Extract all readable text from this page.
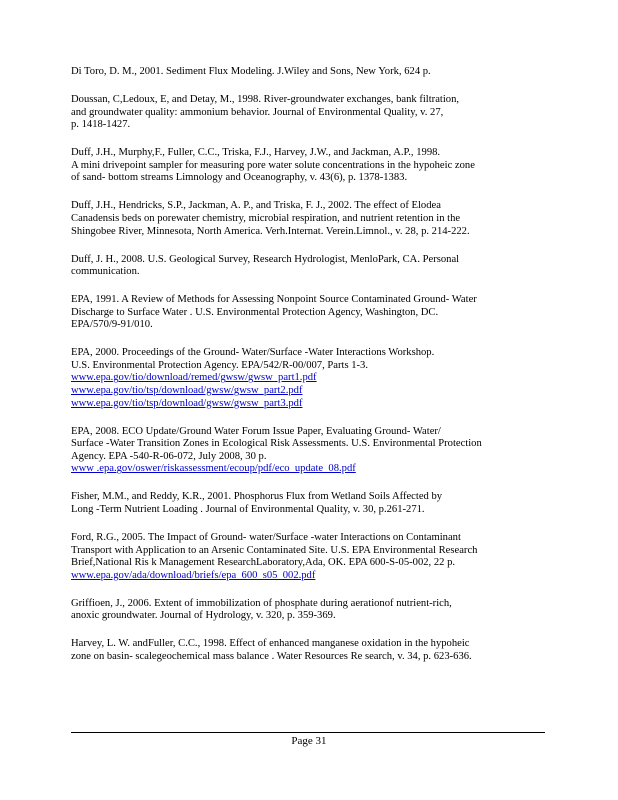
Di Toro, D. M., 2001. Sediment Flux Modeling. J.Wiley and Sons, New York, 624 p.
Doussan, C,Ledoux, E, and Detay, M., 1998. River-groundwater exchanges, bank filtration,
and groundwater quality: ammonium behavior. Journal of Environmental Quality, v. 27,
p. 1418-1427.
Duff, J.H., Murphy,F., Fuller, C.C., Triska, F.J., Harvey, J.W., and Jackman, A.P., 1998.
A mini drivepoint sampler for measuring pore water solute concentrations in the hypoheic zone
of sand- bottom streams Limnology and Oceanography, v. 43(6), p. 1378-1383.
Duff, J.H., Hendricks, S.P., Jackman, A. P., and Triska, F. J., 2002. The effect of Elodea
Canadensis beds on porewater chemistry, microbial respiration, and nutrient retention in the
Shingobee River, Minnesota, North America. Verh.Internat. Verein.Limnol., v. 28, p. 214-222.
Duff, J. H., 2008. U.S. Geological Survey, Research Hydrologist, MenloPark, CA. Personal
communication.
EPA, 1991. A Review of Methods for Assessing Nonpoint Source Contaminated Ground- Water
Discharge to Surface Water . U.S. Environmental Protection Agency, Washington, DC.
EPA/570/9-91/010.
EPA, 2000. Proceedings of the Ground- Water/Surface -Water Interactions Workshop.
U.S. Environmental Protection Agency. EPA/542/R-00/007, Parts 1-3.
www.epa.gov/tio/download/remed/gwsw/gwsw_part1.pdf
www.epa.gov/tio/tsp/download/gwsw/gwsw_part2.pdf
www.epa.gov/tio/tsp/download/gwsw/gwsw_part3.pdf
EPA, 2008. ECO Update/Ground Water Forum Issue Paper, Evaluating Ground- Water/
Surface -Water Transition Zones in Ecological Risk Assessments. U.S. Environmental Protection
Agency. EPA -540-R-06-072, July 2008, 30 p.
www .epa.gov/oswer/riskassessment/ecoup/pdf/eco_update_08.pdf
Fisher, M.M., and Reddy, K.R., 2001. Phosphorus Flux from Wetland Soils Affected by
Long -Term Nutrient Loading . Journal of Environmental Quality, v. 30, p.261-271.
Ford, R.G., 2005. The Impact of Ground- water/Surface -water Interactions on Contaminant
Transport with Application to an Arsenic Contaminated Site. U.S. EPA Environmental Research
Brief,National Ris k Management ResearchLaboratory,Ada, OK. EPA 600-S-05-002, 22 p.
www.epa.gov/ada/download/briefs/epa_600_s05_002.pdf
Griffioen, J., 2006. Extent of immobilization of phosphate during aerationof nutrient-rich,
anoxic groundwater. Journal of Hydrology, v. 320, p. 359-369.
Harvey, L. W. andFuller, C.C., 1998. Effect of enhanced manganese oxidation in the hypoheic
zone on basin- scalegeochemical mass balance . Water Resources Re search, v. 34, p. 623-636.
Page 31
